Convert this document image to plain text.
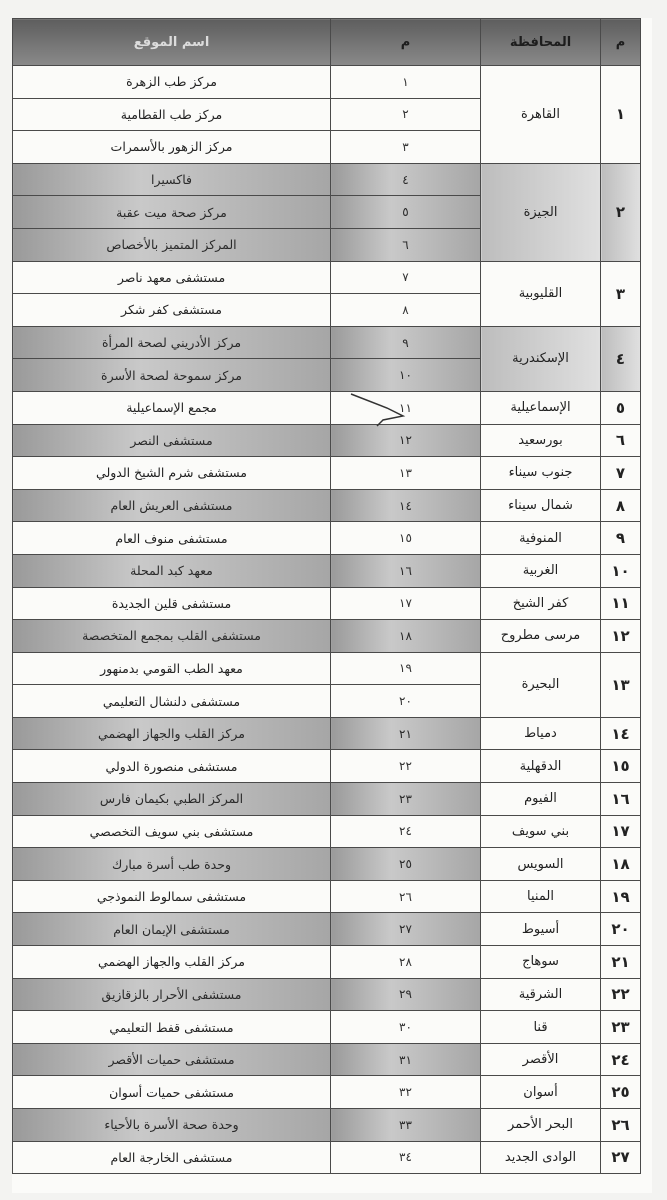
م	المحافظة	م	اسم الموقع
١	القاهرة	١	مركز طب الزهرة
		٢	مركز طب القطامية
		٣	مركز الزهور بالأسمرات
٢	الجيزة	٤	فاكسيرا
		٥	مركز صحة ميت عقبة
		٦	المركز المتميز بالأخصاص
٣	القليوبية	٧	مستشفى معهد ناصر
		٨	مستشفى كفر شكر
٤	الإسكندرية	٩	مركز الأدريني لصحة المرأة
		١٠	مركز سموحة لصحة الأسرة
٥	الإسماعيلية	١١	مجمع الإسماعيلية
٦	بورسعيد	١٢	مستشفى النصر
٧	جنوب سيناء	١٣	مستشفى شرم الشيخ الدولي
٨	شمال سيناء	١٤	مستشفى العريش العام
٩	المنوفية	١٥	مستشفى منوف العام
١٠	الغربية	١٦	معهد كبد المحلة
١١	كفر الشيخ	١٧	مستشفى قلين الجديدة
١٢	مرسى مطروح	١٨	مستشفى القلب بمجمع المتخصصة
١٣	البحيرة	١٩	معهد الطب القومي بدمنهور
		٢٠	مستشفى دلنشال التعليمي
١٤	دمياط	٢١	مركز القلب والجهاز الهضمي
١٥	الدقهلية	٢٢	مستشفى منصورة الدولي
١٦	الفيوم	٢٣	المركز الطبي بكيمان فارس
١٧	بني سويف	٢٤	مستشفى بني سويف التخصصي
١٨	السويس	٢٥	وحدة طب أسرة مبارك
١٩	المنيا	٢٦	مستشفى سمالوط النموذجي
٢٠	أسيوط	٢٧	مستشفى الإيمان العام
٢١	سوهاج	٢٨	مركز القلب والجهاز الهضمي
٢٢	الشرقية	٢٩	مستشفى الأحرار بالزقازيق
٢٣	قنا	٣٠	مستشفى قفط التعليمي
٢٤	الأقصر	٣١	مستشفى حميات الأقصر
٢٥	أسوان	٣٢	مستشفى حميات أسوان
٢٦	البحر الأحمر	٣٣	وحدة صحة الأسرة بالأحياء
٢٧	الوادى الجديد	٣٤	مستشفى الخارجة العام
